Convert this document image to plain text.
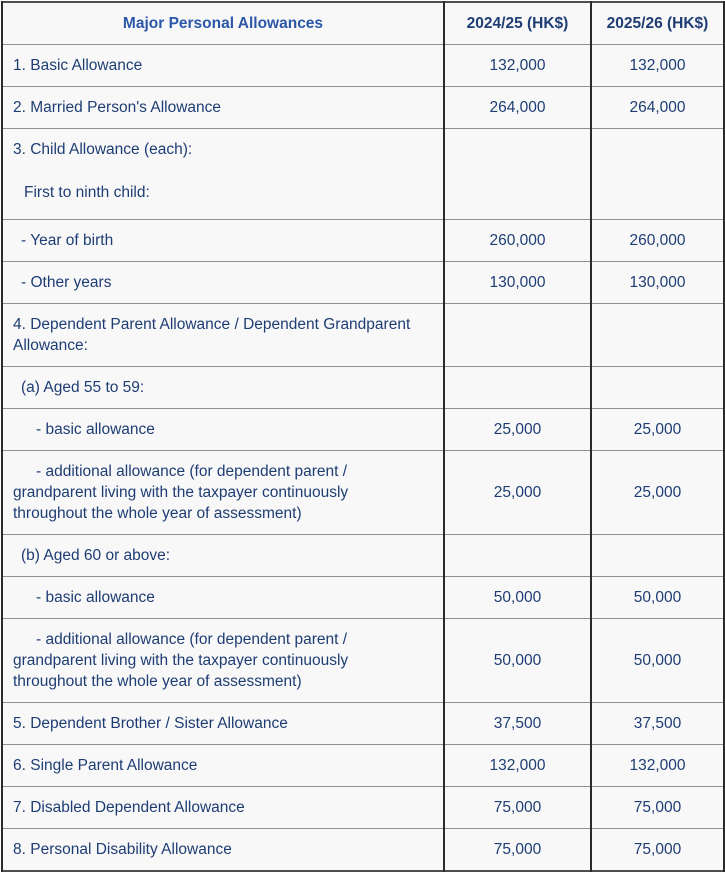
Major Personal Allowances	2024/25 (HK$)	2025/26 (HK$)

1. Basic Allowance	132,000	132,000

2. Married Person's Allowance	264,000	264,000

3. Child Allowance (each):
First to ninth child:		

- Year of birth	260,000	260,000

- Other years	130,000	130,000

4. Dependent Parent Allowance / Dependent Grandparent
Allowance:		

(a) Aged 55 to 59:		

- basic allowance	25,000	25,000

- additional allowance (for dependent parent /
grandparent living with the taxpayer continuously
throughout the whole year of assessment)	25,000	25,000

(b) Aged 60 or above:		

- basic allowance	50,000	50,000

- additional allowance (for dependent parent /
grandparent living with the taxpayer continuously
throughout the whole year of assessment)	50,000	50,000

5. Dependent Brother / Sister Allowance	37,500	37,500

6. Single Parent Allowance	132,000	132,000

7. Disabled Dependent Allowance	75,000	75,000

8. Personal Disability Allowance	75,000	75,000
